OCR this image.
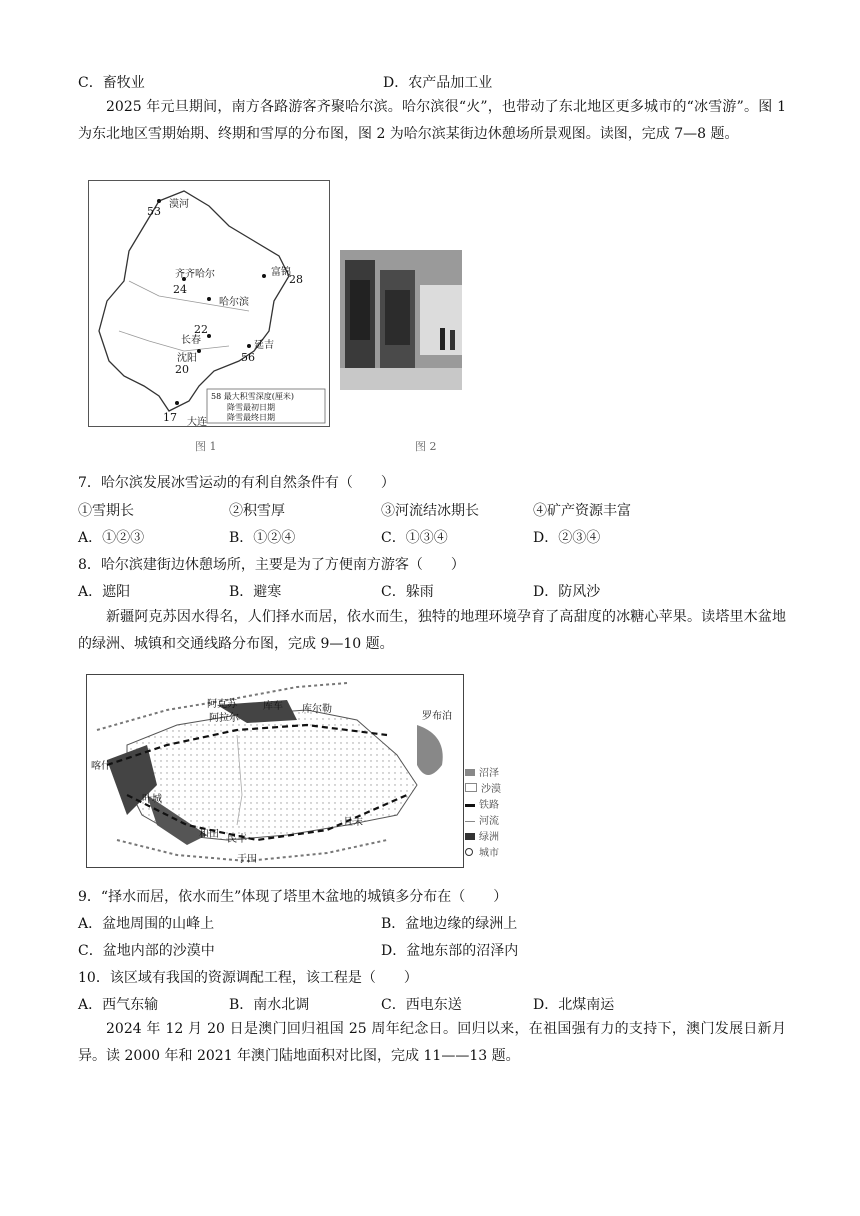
C．畜牧业	D．农产品加工业
2025 年元旦期间，南方各路游客齐聚哈尔滨。哈尔滨很“火”，也带动了东北地区更多城市的“冰雪游”。图 1 为东北地区雪期始期、终期和雪厚的分布图，图 2 为哈尔滨某街边休憩场所景观图。读图，完成 7—8 题。
漠河
齐齐哈尔	富锦
哈尔滨
长春
沈阳
大连
延吉
53
24
28
22
20
56
17
58 最大积雪深度(厘米)
降雪最初日期
降雪最终日期
图 1	图 2
7．哈尔滨发展冰雪运动的有利自然条件有（　　）
①雪期长	②积雪厚	③河流结冰期长	④矿产资源丰富
A．①②③	B．①②④	C．①③④	D．②③④
8．哈尔滨建街边休憩场所，主要是为了方便南方游客（　　）
A．遮阳	B．避寒	C．躲雨	D．防风沙
新疆阿克苏因水得名，人们择水而居，依水而生，独特的地理环境孕育了高甜度的冰糖心苹果。读塔里木盆地的绿洲、城镇和交通线路分布图，完成 9—10 题。
喀什
阿克苏
阿拉尔
库车 库尔勒
罗布泊
叶城
和田 民丰
且末
于田
沼泽
沙漠
铁路
河流
绿洲
城市
9．“择水而居，依水而生”体现了塔里木盆地的城镇多分布在（　　）
A．盆地周围的山峰上	B．盆地边缘的绿洲上
C．盆地内部的沙漠中	D．盆地东部的沼泽内
10．该区域有我国的资源调配工程，该工程是（　　）
A．西气东输	B．南水北调	C．西电东送	D．北煤南运
2024 年 12 月 20 日是澳门回归祖国 25 周年纪念日。回归以来，在祖国强有力的支持下，澳门发展日新月异。读 2000 年和 2021 年澳门陆地面积对比图，完成 11——13 题。
